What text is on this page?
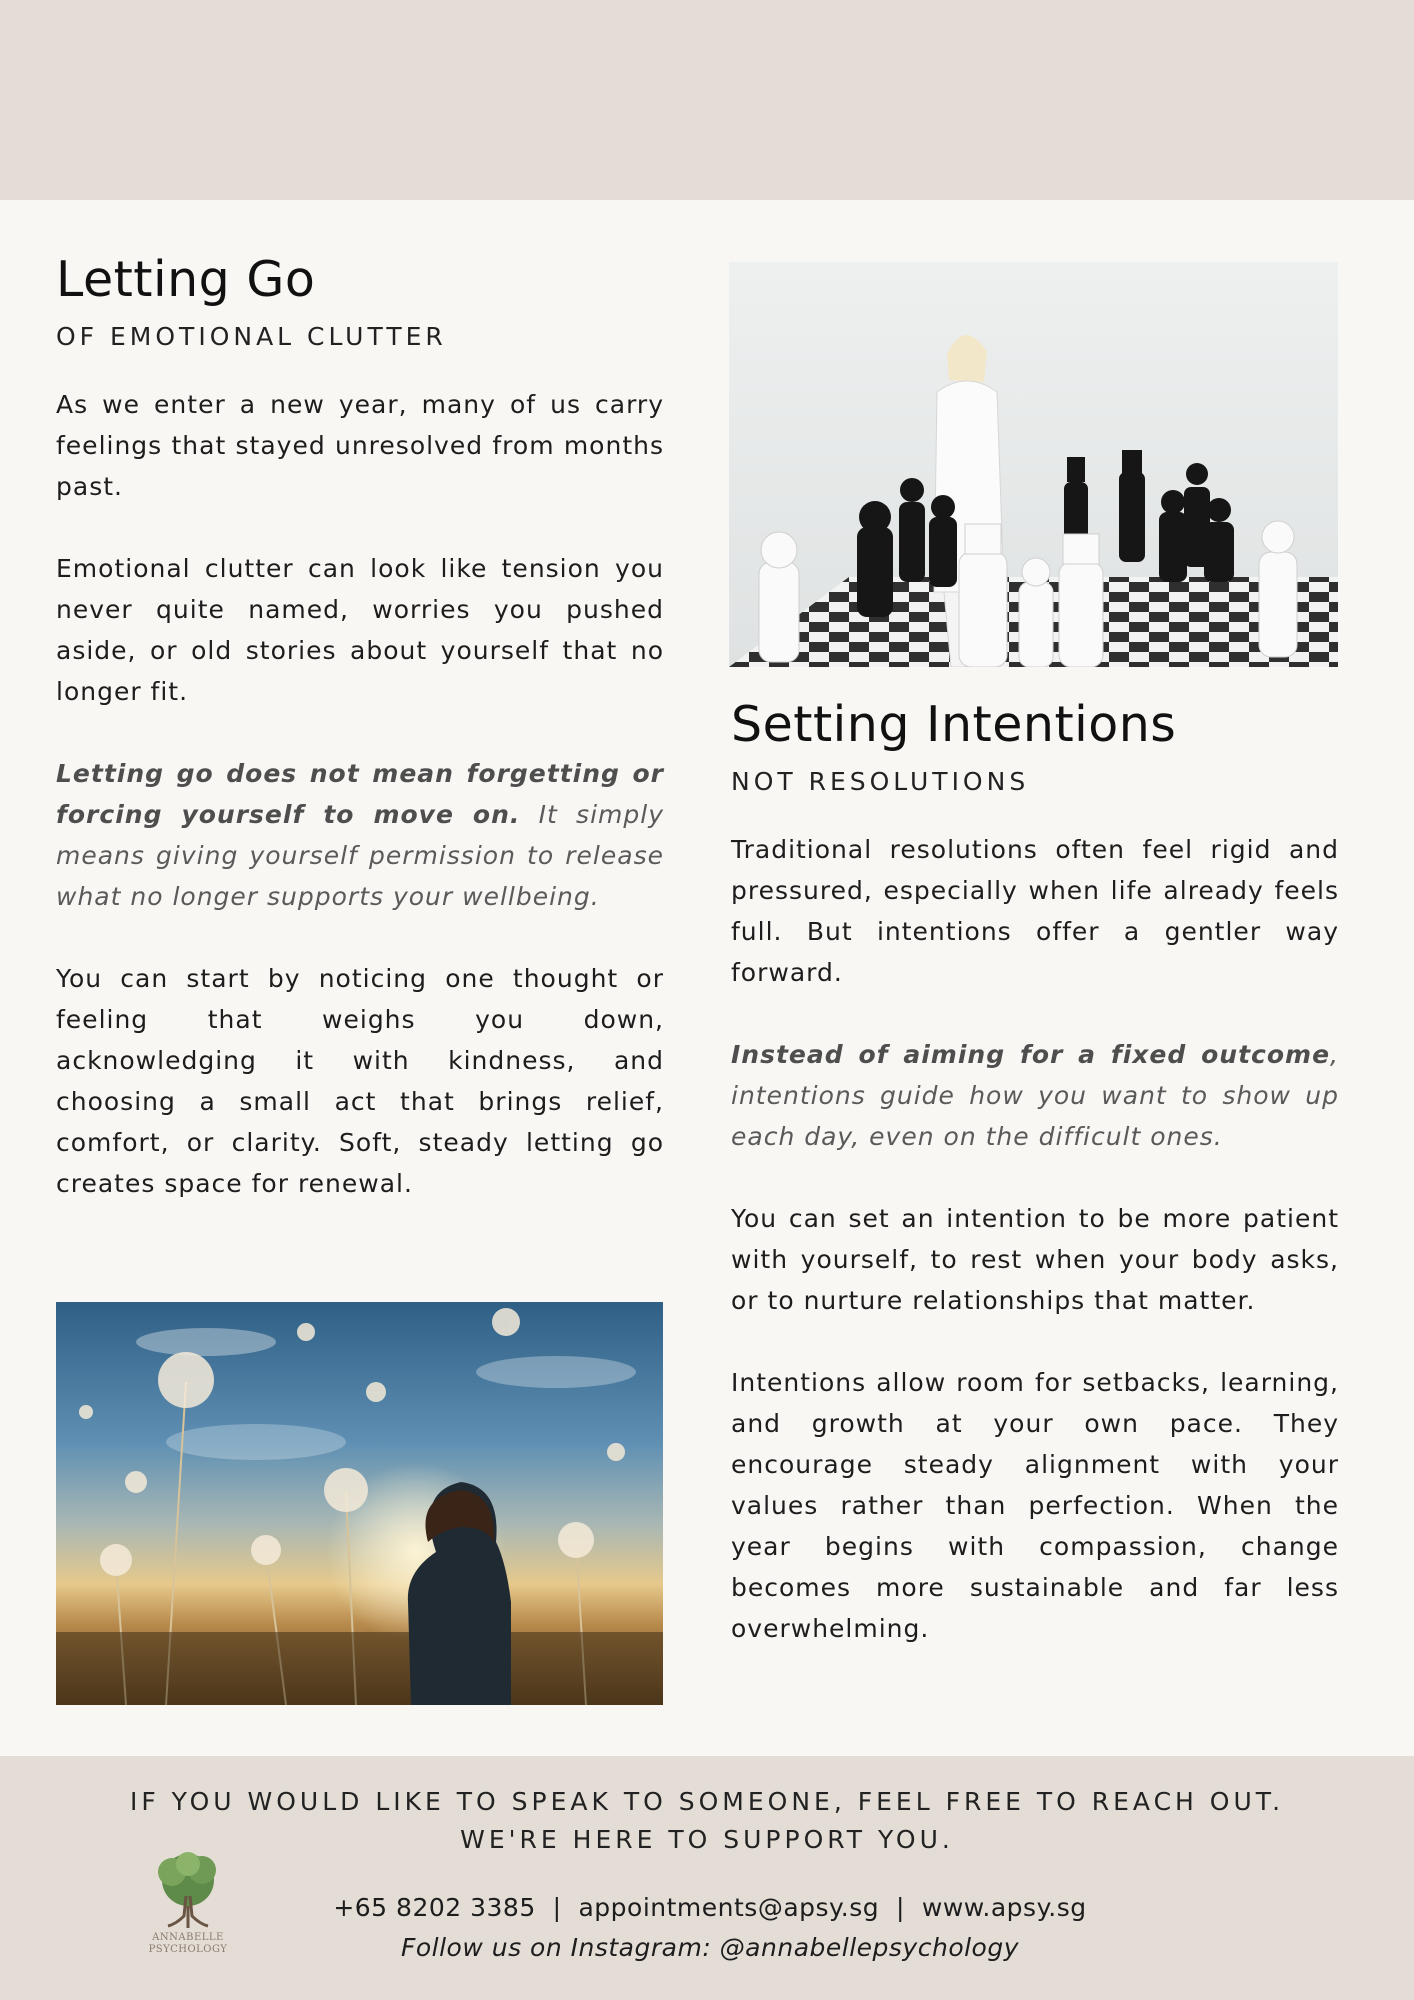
Letting Go
OF EMOTIONAL CLUTTER

As we enter a new year, many of us carry feelings that stayed unresolved from months past.

Emotional clutter can look like tension you never quite named, worries you pushed aside, or old stories about yourself that no longer fit.

Letting go does not mean forgetting or forcing yourself to move on. It simply means giving yourself permission to release what no longer supports your wellbeing.

You can start by noticing one thought or feeling that weighs you down, acknowledging it with kindness, and choosing a small act that brings relief, comfort, or clarity. Soft, steady letting go creates space for renewal.

Setting Intentions
NOT RESOLUTIONS

Traditional resolutions often feel rigid and pressured, especially when life already feels full. But intentions offer a gentler way forward.

Instead of aiming for a fixed outcome, intentions guide how you want to show up each day, even on the difficult ones.

You can set an intention to be more patient with yourself, to rest when your body asks, or to nurture relationships that matter.

Intentions allow room for setbacks, learning, and growth at your own pace. They encourage steady alignment with your values rather than perfection. When the year begins with compassion, change becomes more sustainable and far less overwhelming.

IF YOU WOULD LIKE TO SPEAK TO SOMEONE, FEEL FREE TO REACH OUT.
WE'RE HERE TO SUPPORT YOU.
ANNABELLE
PSYCHOLOGY
+65 8202 3385 | appointments@apsy.sg | www.apsy.sg
Follow us on Instagram: @annabellepsychology
